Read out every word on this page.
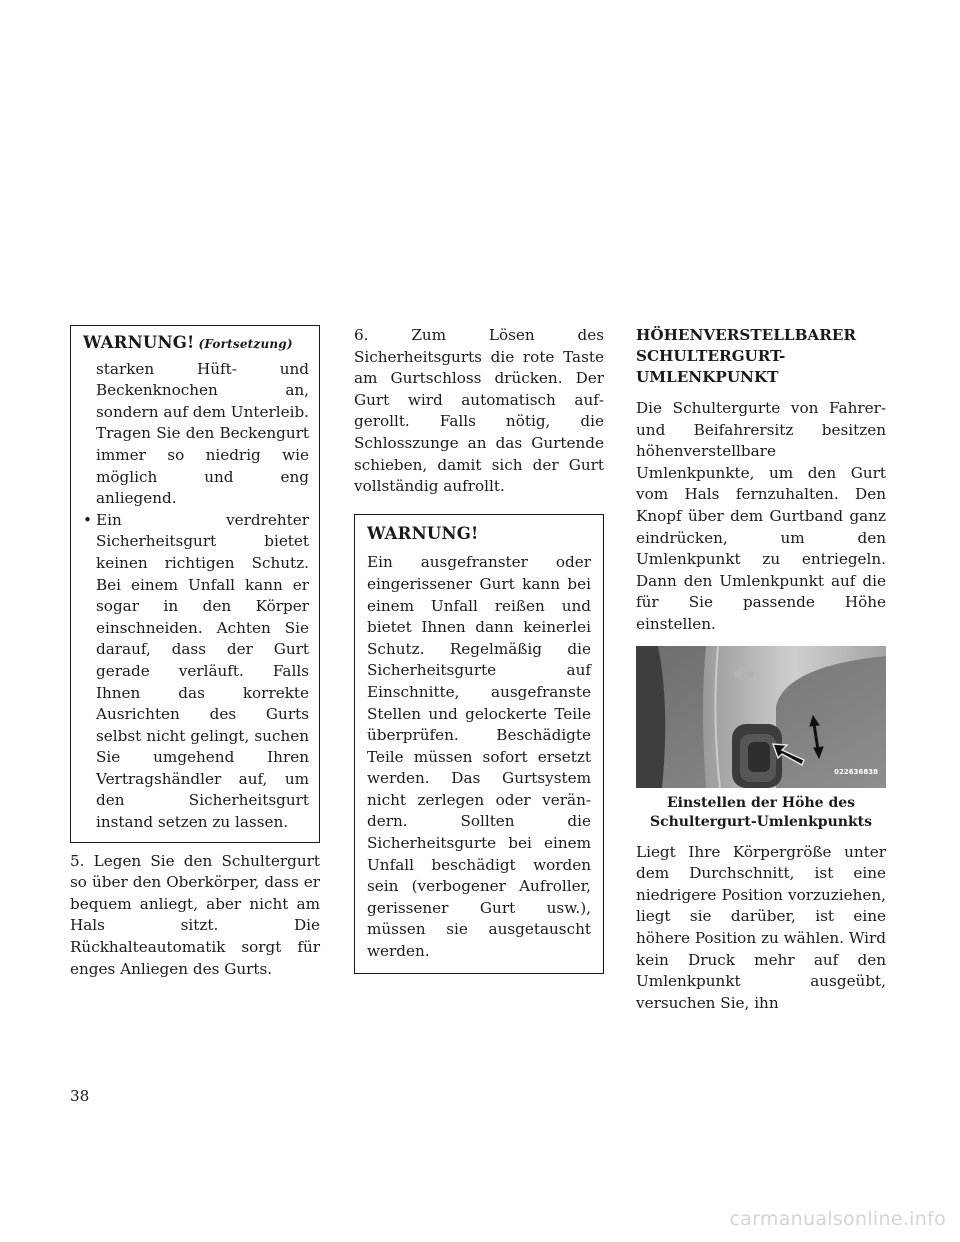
WARNUNG! (Fortsetzung)

starken Hüft- und Beckenknochen an, sondern auf dem Unterleib. Tragen Sie den Beckengurt immer so niedrig wie möglich und eng anliegend.

• Ein verdrehter Sicherheitsgurt bietet keinen richtigen Schutz. Bei einem Unfall kann er sogar in den Körper einschneiden. Achten Sie darauf, dass der Gurt gerade verläuft. Falls Ihnen das korrekte Ausrichten des Gurts selbst nicht gelingt, suchen Sie umgehend Ihren Vertragshändler auf, um den Sicherheitsgurt instand setzen zu lassen.

5. Legen Sie den Schultergurt so über den Oberkörper, dass er bequem anliegt, aber nicht am Hals sitzt. Die Rückhalteautomatik sorgt für enges Anliegen des Gurts.

6. Zum Lösen des Sicherheitsgurts die rote Taste am Gurtschloss drücken. Der Gurt wird automatisch aufgerollt. Falls nötig, die Schlosszunge an das Gurtende schieben, damit sich der Gurt vollständig aufrollt.

WARNUNG!
Ein ausgefranster oder eingerissener Gurt kann bei einem Unfall reißen und bietet Ihnen dann keinerlei Schutz. Regelmäßig die Sicherheitsgurte auf Einschnitte, ausgefranste Stellen und gelockerte Teile überprüfen. Beschädigte Teile müssen sofort ersetzt werden. Das Gurtsystem nicht zerlegen oder verändern. Sollten die Sicherheitsgurte bei einem Unfall beschädigt worden sein (verbogener Aufroller, gerissener Gurt usw.), müssen sie ausgetauscht werden.
HÖHENVERSTELLBARER
SCHULTERGURT-
UMLENKPUNKT

Die Schultergurte von Fahrer- und Beifahrersitz besitzen höhenverstellbare Umlenkpunkte, um den Gurt vom Hals fernzuhalten. Den Knopf über dem Gurtband ganz eindrücken, um den Umlenkpunkt zu entriegeln. Dann den Umlenkpunkt auf die für Sie passende Höhe einstellen.

022636838
Einstellen der Höhe des
Schultergurt-Umlenkpunkts

Liegt Ihre Körpergröße unter dem Durchschnitt, ist eine niedrigere Position vorzuziehen, liegt sie darüber, ist eine höhere Position zu wählen. Wird kein Druck mehr auf den Umlenkpunkt ausgeübt, versuchen Sie, ihn

38
carmanualsonline.info
